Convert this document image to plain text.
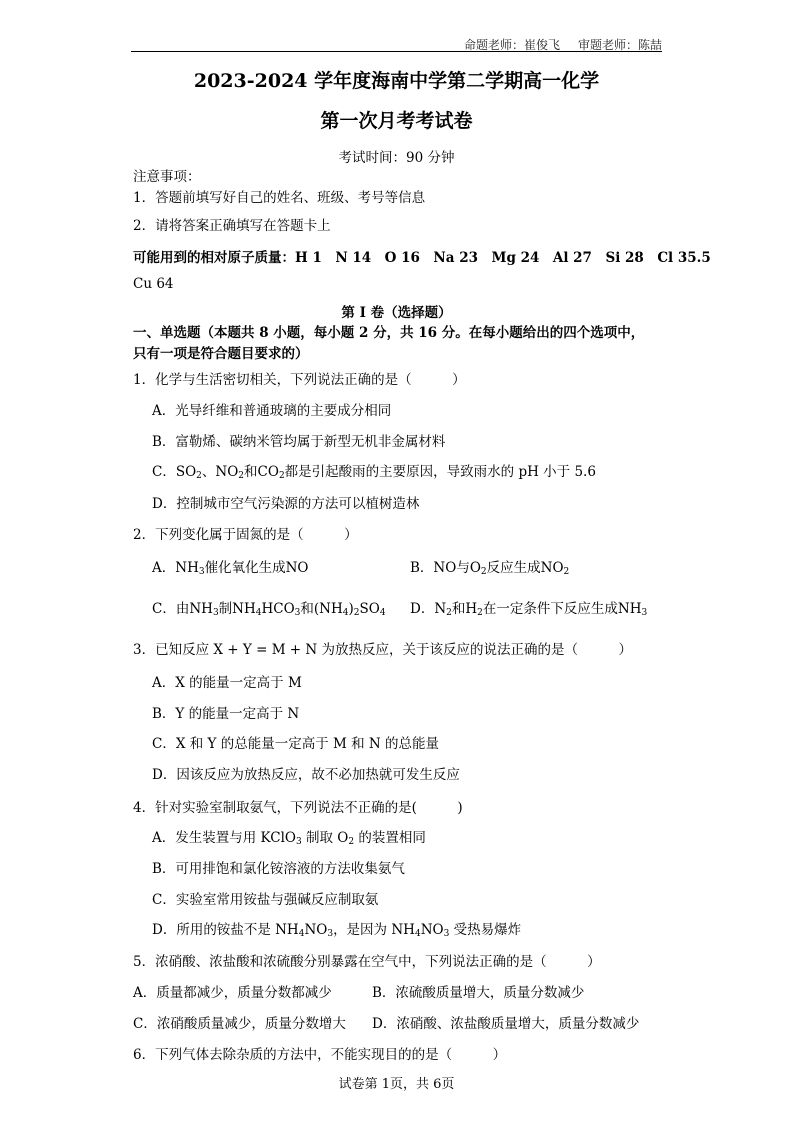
命题老师：崔俊飞 审题老师：陈喆
2023-2024 学年度海南中学第二学期高一化学
第一次月考考试卷
考试时间：90 分钟
注意事项：
1．答题前填写好自己的姓名、班级、考号等信息
2．请将答案正确填写在答题卡上
可能用到的相对原子质量：H 1　N 14　O 16　Na 23　Mg 24　Al 27　Si 28　Cl 35.5
Cu 64
第 I 卷（选择题）
一、单选题（本题共 8 小题，每小题 2 分，共 16 分。在每小题给出的四个选项中，
只有一项是符合题目要求的）
1．化学与生活密切相关，下列说法正确的是（　　　）
A．光导纤维和普通玻璃的主要成分相同
B．富勒烯、碳纳米管均属于新型无机非金属材料
C．$SO_2$、$NO_2$和$CO_2$都是引起酸雨的主要原因，导致雨水的 pH 小于 5.6
D．控制城市空气污染源的方法可以植树造林
2．下列变化属于固氮的是（　　　）
A．$NH_3$催化氧化生成NO	B．NO与$O_2$反应生成$NO_2$
C．由$NH_3$制$NH_4HCO_3$和$(NH_4)_2SO_4$ D．$N_2$和$H_2$在一定条件下反应生成$NH_3$
3．已知反应 X + Y = M + N 为放热反应，关于该反应的说法正确的是（　　　）
A．X 的能量一定高于 M
B．Y 的能量一定高于 N
C．X 和 Y 的总能量一定高于 M 和 N 的总能量
D．因该反应为放热反应，故不必加热就可发生反应
4．针对实验室制取氨气，下列说法不正确的是(　　　)
A．发生装置与用 KClO$_3$ 制取 $O_2$ 的装置相同
B．可用排饱和氯化铵溶液的方法收集氨气
C．实验室常用铵盐与强碱反应制取氨
D．所用的铵盐不是 $NH_4NO_3$，是因为 $NH_4NO_3$ 受热易爆炸
5．浓硝酸、浓盐酸和浓硫酸分别暴露在空气中，下列说法正确的是（　　　）
A．质量都减少，质量分数都减少	B．浓硫酸质量增大，质量分数减少
C．浓硝酸质量减少，质量分数增大 D．浓硝酸、浓盐酸质量增大，质量分数减少
6．下列气体去除杂质的方法中，不能实现目的的是（　　　）
试卷第 1页，共 6页
